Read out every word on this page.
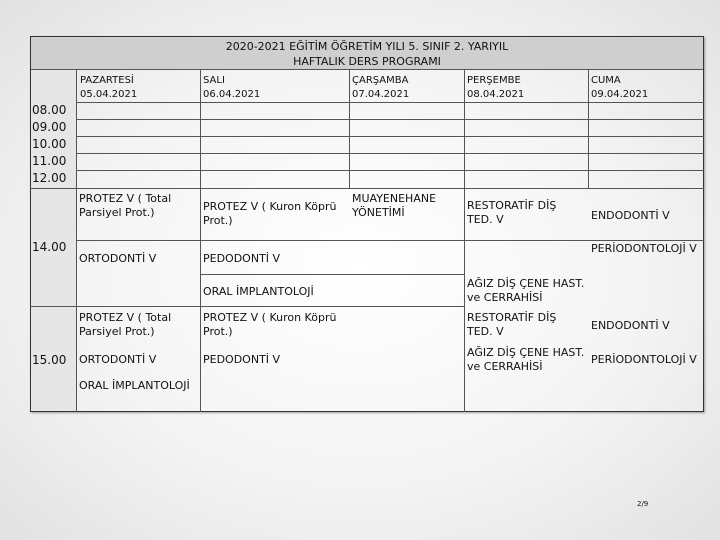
2020-2021 EĞİTİM ÖĞRETİM YILI 5. SINIF 2. YARIYIL
HAFTALIK DERS PROGRAMI
PAZARTESİ
05.04.2021
SALI
06.04.2021
ÇARŞAMBA
07.04.2021
PERŞEMBE
08.04.2021
CUMA
09.04.2021
08.00
09.00
10.00
11.00
12.00
14.00
15.00
PROTEZ V ( Total
Parsiyel Prot.)
ORTODONTİ V
PROTEZ V ( Kuron Köprü
Prot.)
PEDODONTİ V
ORAL İMPLANTOLOJİ
MUAYENEHANE
YÖNETİMİ
RESTORATİF DİŞ
TED. V
AĞIZ DİŞ ÇENE HAST.
ve CERRAHİSİ
ENDODONTİ V
PERİODONTOLOJİ V
PROTEZ V ( Total
Parsiyel Prot.)
ORTODONTİ V
ORAL İMPLANTOLOJİ
PROTEZ V ( Kuron Köprü
Prot.)
PEDODONTİ V
RESTORATİF DİŞ
TED. V
AĞIZ DİŞ ÇENE HAST.
ve CERRAHİSİ
ENDODONTİ V
PERİODONTOLOJİ V
2/9
